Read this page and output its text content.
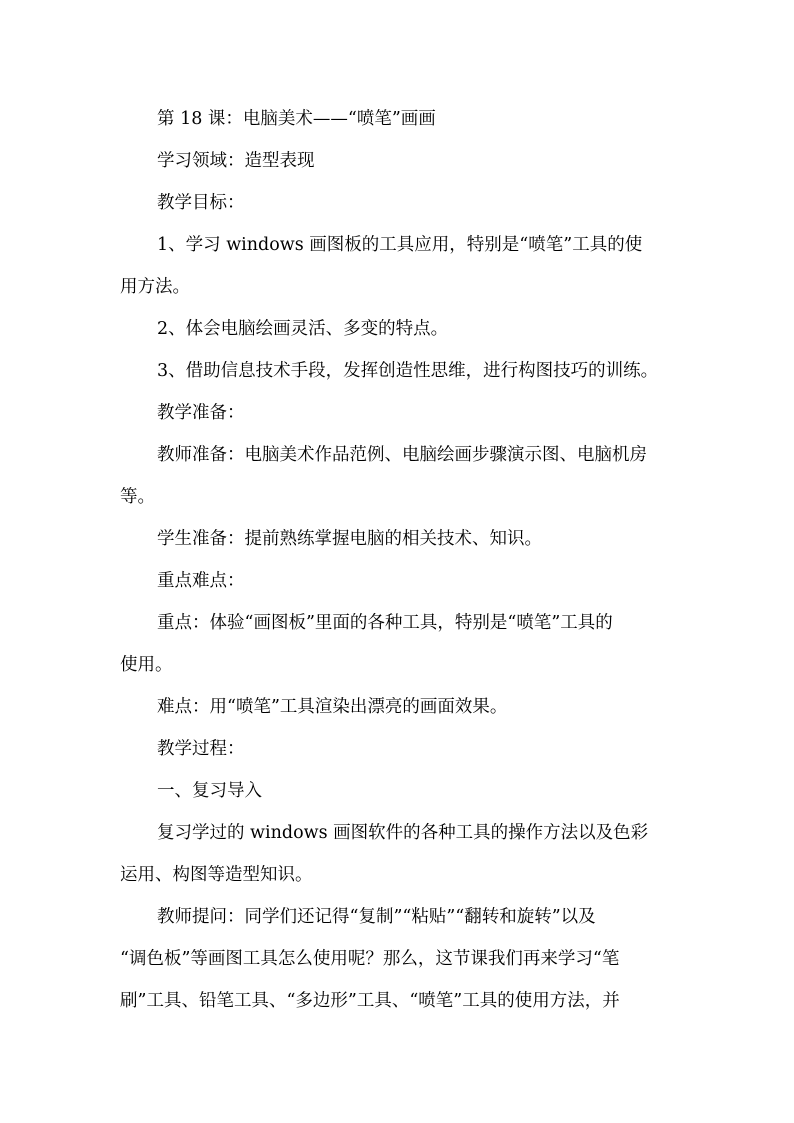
第 18 课：电脑美术——“喷笔”画画
学习领域：造型表现
教学目标：
1、学习 windows 画图板的工具应用，特别是“喷笔”工具的使
用方法。
2、体会电脑绘画灵活、多变的特点。
3、借助信息技术手段，发挥创造性思维，进行构图技巧的训练。
教学准备：
教师准备：电脑美术作品范例、电脑绘画步骤演示图、电脑机房
等。
学生准备：提前熟练掌握电脑的相关技术、知识。
重点难点：
重点：体验“画图板”里面的各种工具，特别是“喷笔”工具的
使用。
难点：用“喷笔”工具渲染出漂亮的画面效果。
教学过程：
一、复习导入
复习学过的 windows 画图软件的各种工具的操作方法以及色彩
运用、构图等造型知识。
教师提问：同学们还记得“复制”“粘贴”“翻转和旋转”以及
“调色板”等画图工具怎么使用呢？那么，这节课我们再来学习“笔
刷”工具、铅笔工具、“多边形”工具、“喷笔”工具的使用方法，并
